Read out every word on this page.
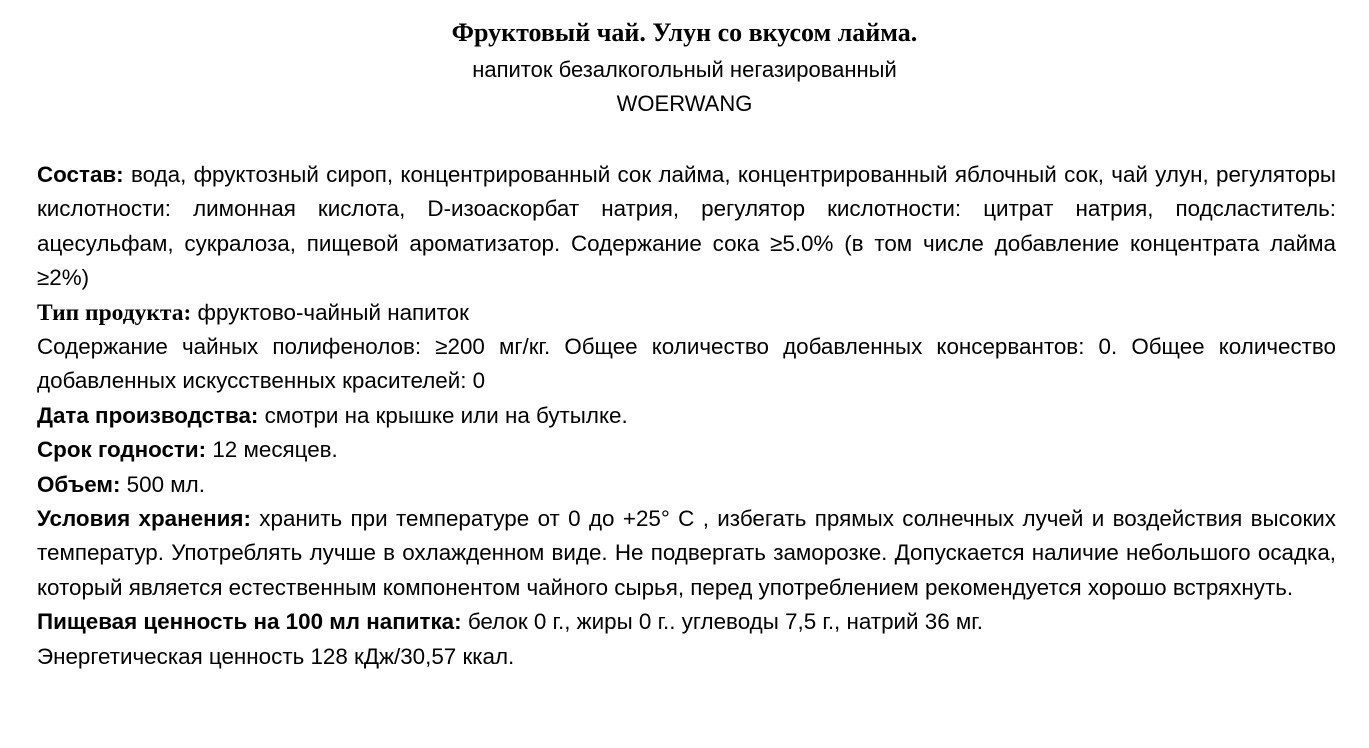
Фруктовый чай. Улун со вкусом лайма.
напиток безалкогольный негазированный
WOERWANG

Состав: вода, фруктозный сироп, концентрированный сок лайма, концентрированный яблочный сок, чай улун, регуляторы кислотности: лимонная кислота, D-изоаскорбат натрия, регулятор кислотности: цитрат натрия, подсластитель: ацесульфам, сукралоза, пищевой ароматизатор. Содержание сока ≥5.0% (в том числе добавление концентрата лайма ≥2%)

Тип продукта: фруктово-чайный напиток

Содержание чайных полифенолов: ≥200 мг/кг. Общее количество добавленных консервантов: 0. Общее количество добавленных искусственных красителей: 0

Дата производства: смотри на крышке или на бутылке.

Срок годности: 12 месяцев.

Объем: 500 мл.

Условия хранения: хранить при температуре от 0 до +25° С , избегать прямых солнечных лучей и воздействия высоких температур. Употреблять лучше в охлажденном виде. Не подвергать заморозке. Допускается наличие небольшого осадка, который является естественным компонентом чайного сырья, перед употреблением рекомендуется хорошо встряхнуть.

Пищевая ценность на 100 мл напитка: белок 0 г., жиры 0 г.. углеводы 7,5 г., натрий 36 мг.

Энергетическая ценность 128 кДж/30,57 ккал.
